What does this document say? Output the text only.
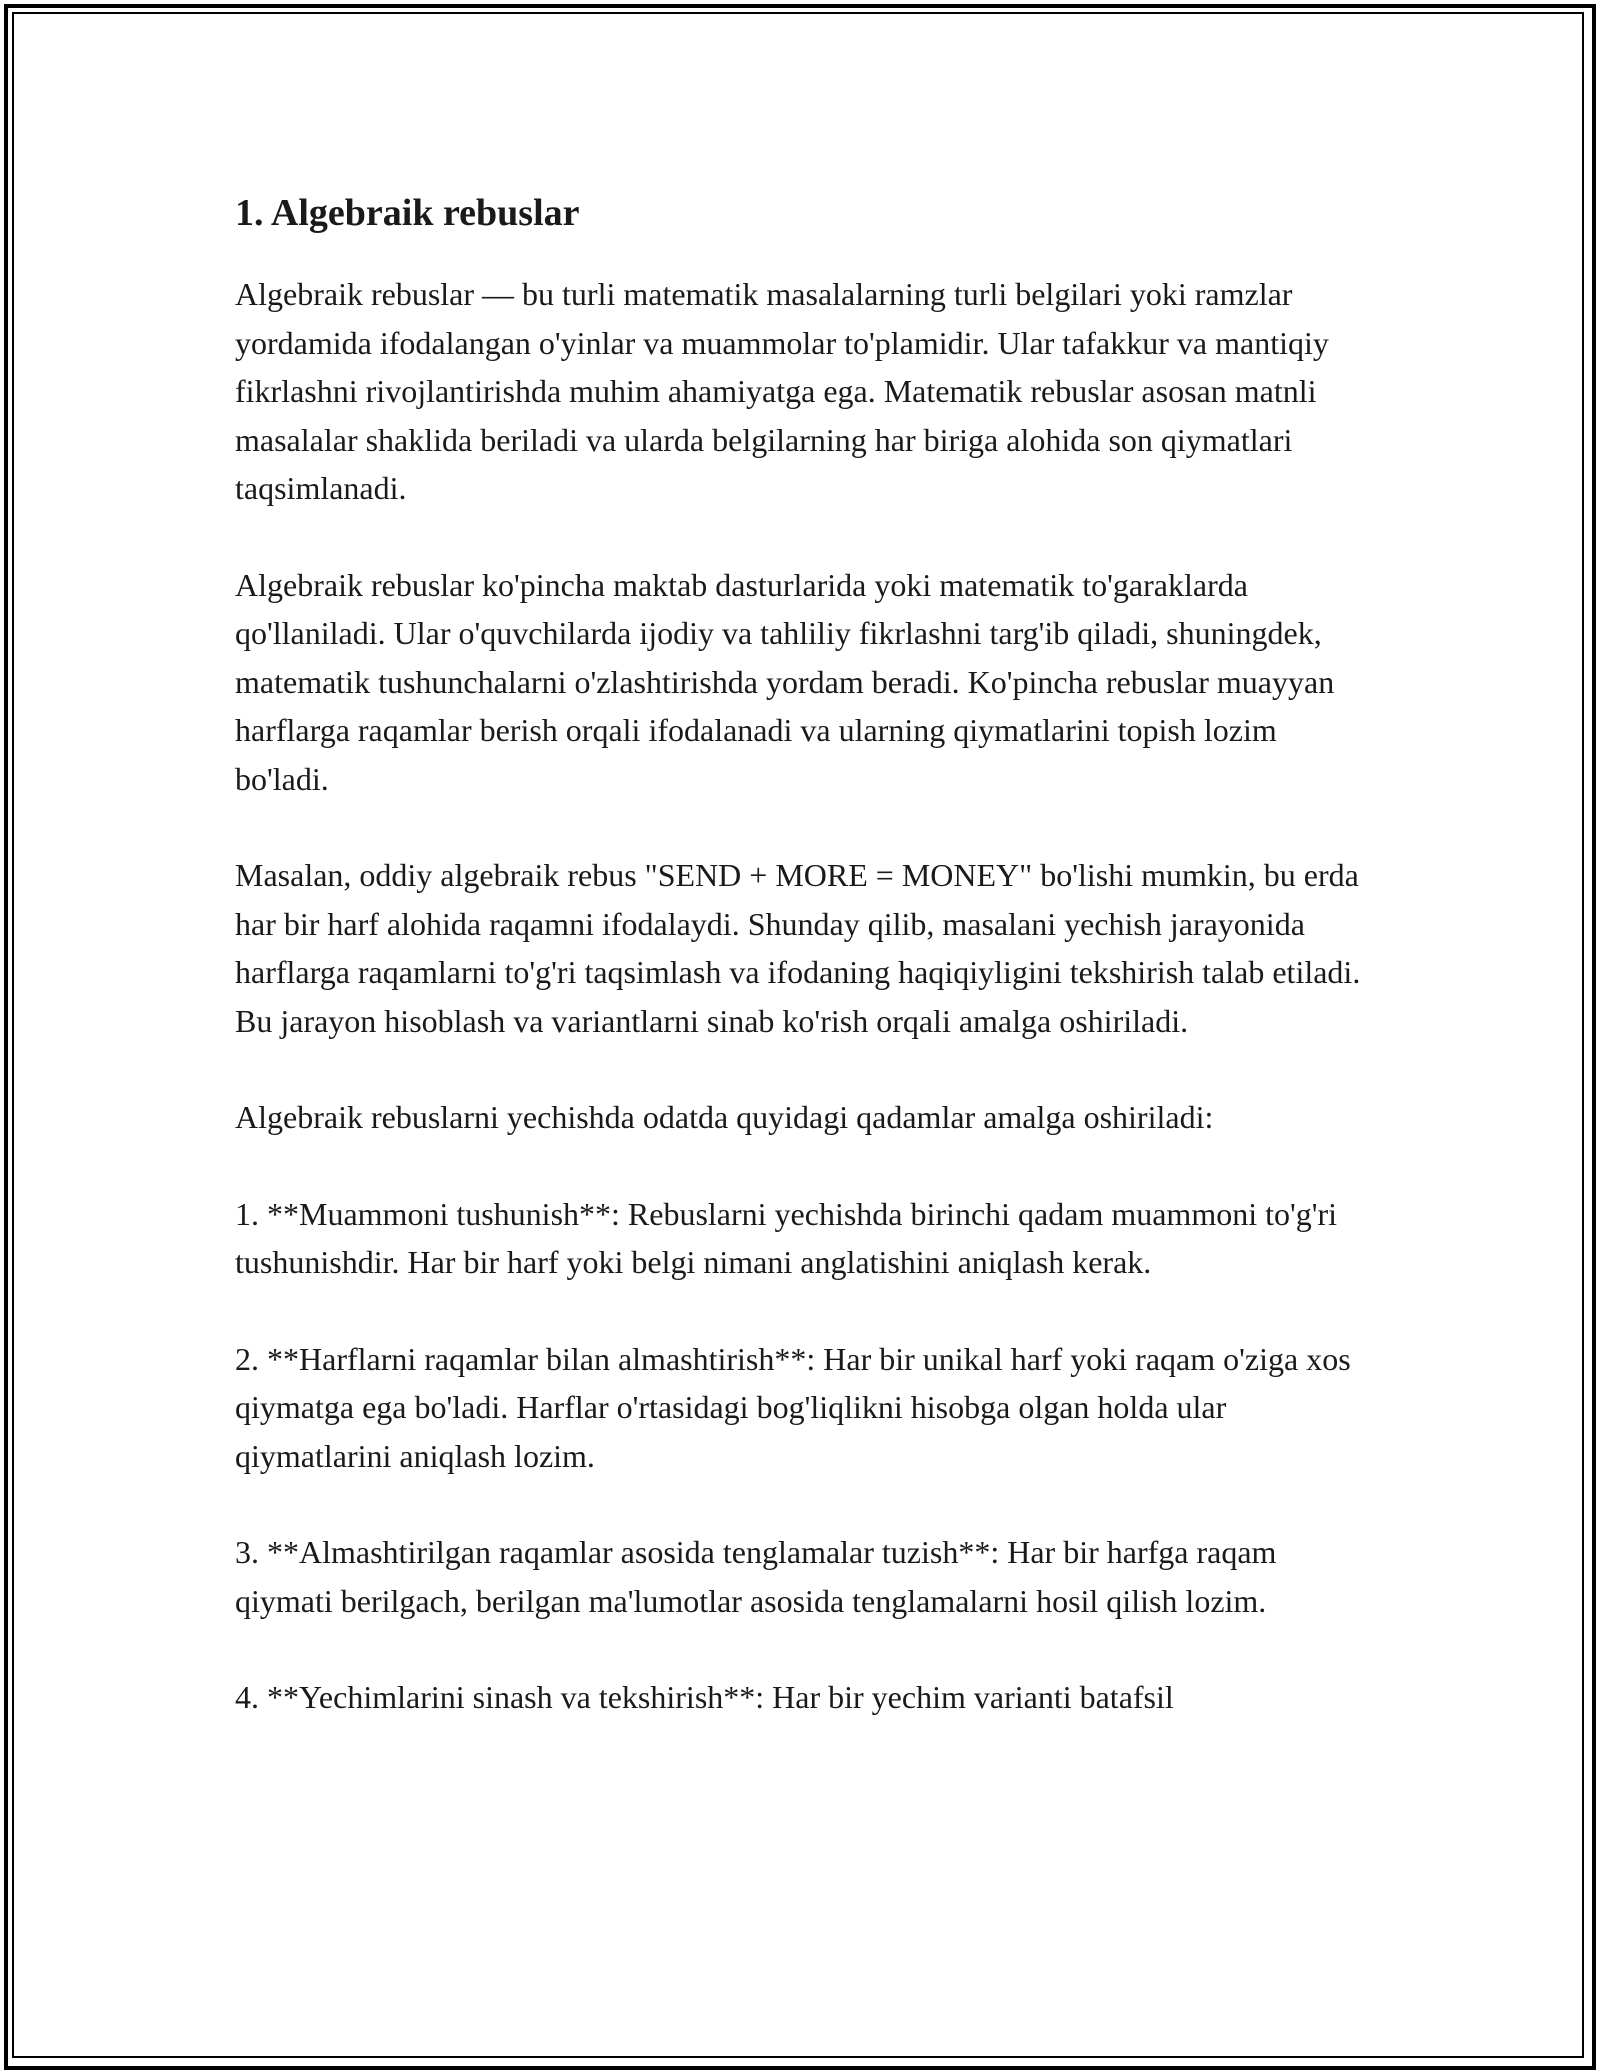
1. Algebraik rebuslar

Algebraik rebuslar — bu turli matematik masalalarning turli belgilari yoki ramzlar yordamida ifodalangan o'yinlar va muammolar to'plamidir. Ular tafakkur va mantiqiy fikrlashni rivojlantirishda muhim ahamiyatga ega. Matematik rebuslar asosan matnli masalalar shaklida beriladi va ularda belgilarning har biriga alohida son qiymatlari taqsimlanadi.

Algebraik rebuslar ko'pincha maktab dasturlarida yoki matematik to'garaklarda qo'llaniladi. Ular o'quvchilarda ijodiy va tahliliy fikrlashni targ'ib qiladi, shuningdek, matematik tushunchalarni o'zlashtirishda yordam beradi. Ko'pincha rebuslar muayyan harflarga raqamlar berish orqali ifodalanadi va ularning qiymatlarini topish lozim bo'ladi.

Masalan, oddiy algebraik rebus "SEND + MORE = MONEY" bo'lishi mumkin, bu erda har bir harf alohida raqamni ifodalaydi. Shunday qilib, masalani yechish jarayonida harflarga raqamlarni to'g'ri taqsimlash va ifodaning haqiqiyligini tekshirish talab etiladi. Bu jarayon hisoblash va variantlarni sinab ko'rish orqali amalga oshiriladi.

Algebraik rebuslarni yechishda odatda quyidagi qadamlar amalga oshiriladi:

1. **Muammoni tushunish**: Rebuslarni yechishda birinchi qadam muammoni to'g'ri tushunishdir. Har bir harf yoki belgi nimani anglatishini aniqlash kerak.

2. **Harflarni raqamlar bilan almashtirish**: Har bir unikal harf yoki raqam o'ziga xos qiymatga ega bo'ladi. Harflar o'rtasidagi bog'liqlikni hisobga olgan holda ular qiymatlarini aniqlash lozim.

3. **Almashtirilgan raqamlar asosida tenglamalar tuzish**: Har bir harfga raqam qiymati berilgach, berilgan ma'lumotlar asosida tenglamalarni hosil qilish lozim.

4. **Yechimlarini sinash va tekshirish**: Har bir yechim varianti batafsil
